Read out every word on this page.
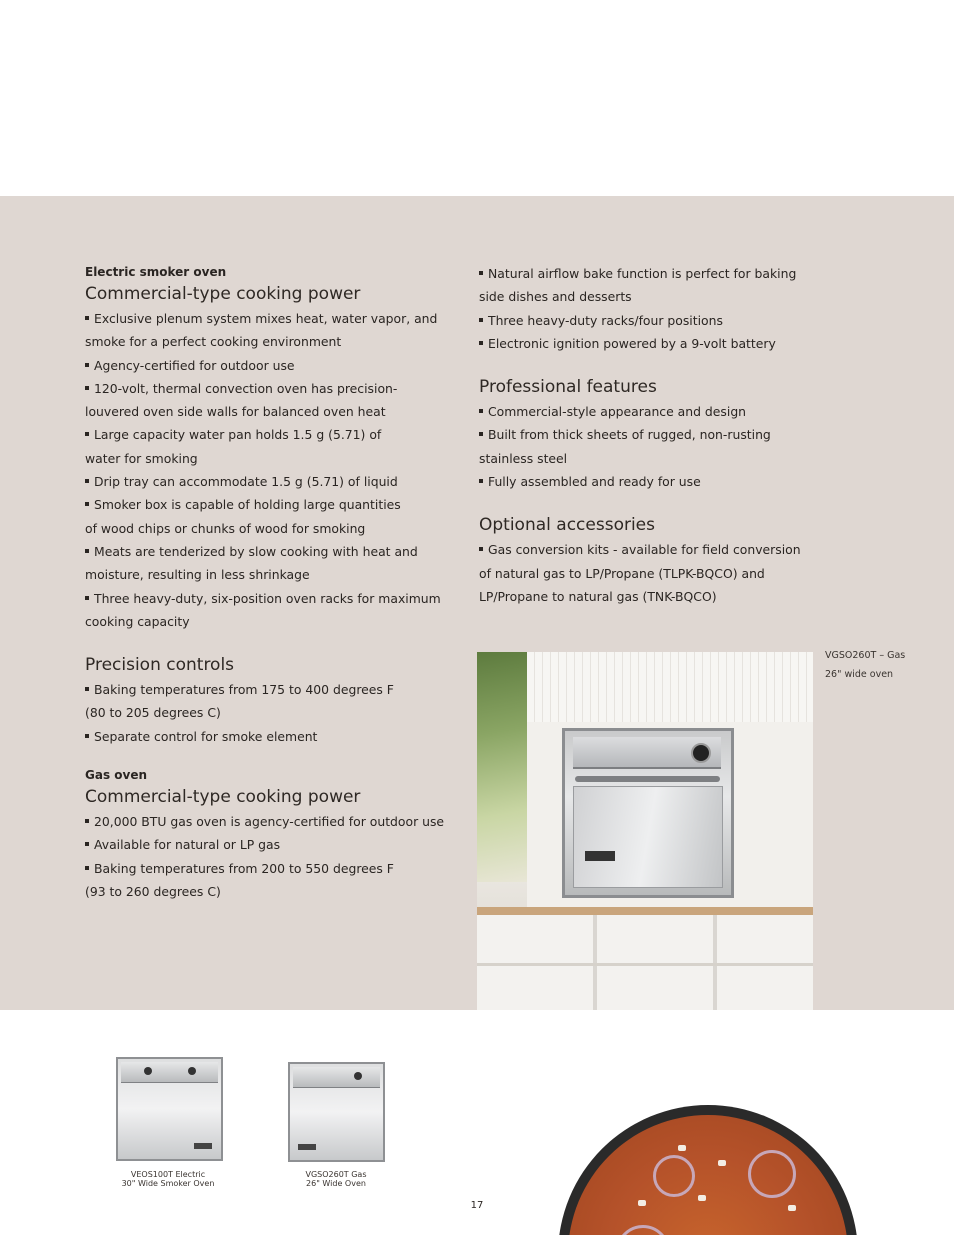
Electric smoker oven

Commercial-type cooking power
Exclusive plenum system mixes heat, water vapor, and
smoke for a perfect cooking environment
Agency-certified for outdoor use
120-volt, thermal convection oven has precision-
louvered oven side walls for balanced oven heat
Large capacity water pan holds 1.5 g (5.71) of
water for smoking
Drip tray can accommodate 1.5 g (5.71) of liquid
Smoker box is capable of holding large quantities
of wood chips or chunks of wood for smoking
Meats are tenderized by slow cooking with heat and
moisture, resulting in less shrinkage
Three heavy-duty, six-position oven racks for maximum
cooking capacity
Precision controls
Baking temperatures from 175 to 400 degrees F
(80 to 205 degrees C)
Separate control for smoke element

Gas oven

Commercial-type cooking power
20,000 BTU gas oven is agency-certified for outdoor use
Available for natural or LP gas
Baking temperatures from 200 to 550 degrees F
(93 to 260 degrees C)
Natural airflow bake function is perfect for baking
side dishes and desserts
Three heavy-duty racks/four positions
Electronic ignition powered by a 9-volt battery
Professional features
Commercial-style appearance and design
Built from thick sheets of rugged, non-rusting
stainless steel
Fully assembled and ready for use
Optional accessories
Gas conversion kits - available for field conversion
of natural gas to LP/Propane (TLPK-BQCO) and
LP/Propane to natural gas (TNK-BQCO)
VGSO260T – Gas
26" wide oven
VEOS100T Electric
30" Wide Smoker Oven
VGSO260T Gas
26" Wide Oven
17
